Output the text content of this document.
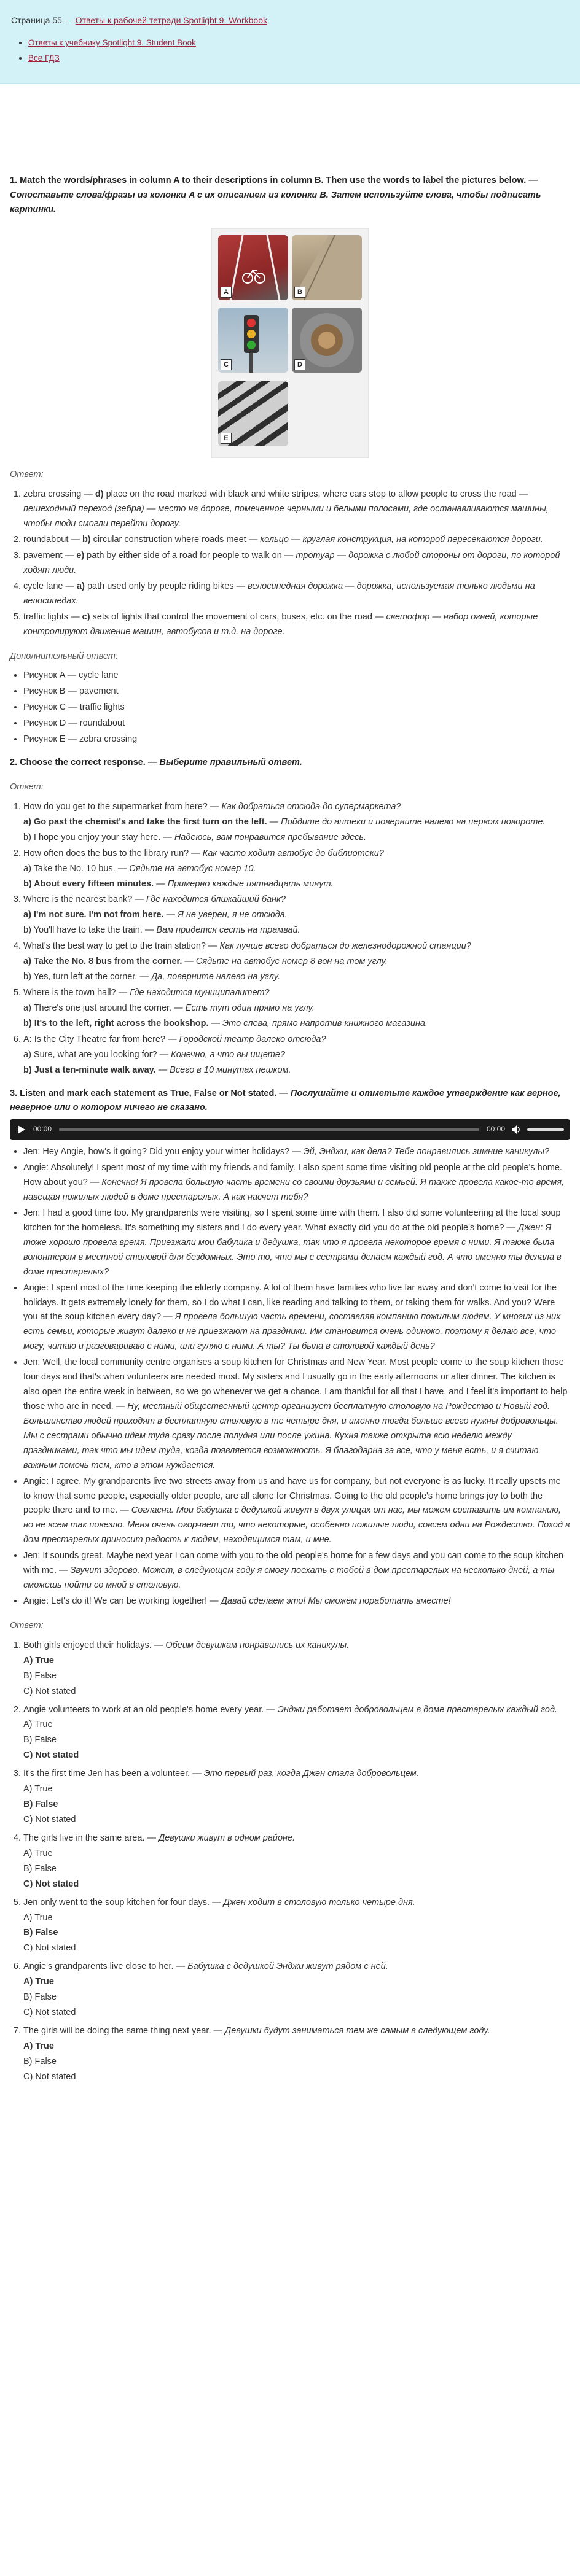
Страница 55 — Ответы к рабочей тетради Spotlight 9. Workbook
• Ответы к учебнику Spotlight 9. Student Book
• Все ГДЗ
1. Match the words/phrases in column A to their descriptions in column B. Then use the words to label the pictures below. — Сопоставьте слова/фразы из колонки A с их описанием из колонки B. Затем используйте слова, чтобы подписать картинки.
A	B
C	D
E
Ответ:
1. zebra crossing — d) place on the road marked with black and white stripes, where cars stop to allow people to cross the road — пешеходный переход (зебра) — место на дороге, помеченное черными и белыми полосами, где останавливаются машины, чтобы люди смогли перейти дорогу.
2. roundabout — b) circular construction where roads meet — кольцо — круглая конструкция, на которой пересекаются дороги.
3. pavement — e) path by either side of a road for people to walk on — тротуар — дорожка с любой стороны от дороги, по которой ходят люди.
4. cycle lane — a) path used only by people riding bikes — велосипедная дорожка — дорожка, используемая только людьми на велосипедах.
5. traffic lights — c) sets of lights that control the movement of cars, buses, etc. on the road — светофор — набор огней, которые контролируют движение машин, автобусов и т.д. на дороге.
Дополнительный ответ:
• Рисунок A — cycle lane
• Рисунок B — pavement
• Рисунок C — traffic lights
• Рисунок D — roundabout
• Рисунок E — zebra crossing
2. Choose the correct response. — Выберите правильный ответ.
Ответ:
1. How do you get to the supermarket from here? — Как добраться отсюда до супермаркета?
a) Go past the chemist's and take the first turn on the left. — Пойдите до аптеки и поверните налево на первом повороте.
b) I hope you enjoy your stay here. — Надеюсь, вам понравится пребывание здесь.
2. How often does the bus to the library run? — Как часто ходит автобус до библиотеки?
a) Take the No. 10 bus. — Сядьте на автобус номер 10.
b) About every fifteen minutes. — Примерно каждые пятнадцать минут.
3. Where is the nearest bank? — Где находится ближайший банк?
a) I'm not sure. I'm not from here. — Я не уверен, я не отсюда.
b) You'll have to take the train. — Вам придется сесть на трамвай.
4. What's the best way to get to the train station? — Как лучше всего добраться до железнодорожной станции?
a) Take the No. 8 bus from the corner. — Сядьте на автобус номер 8 вон на том углу.
b) Yes, turn left at the corner. — Да, поверните налево на углу.
5. Where is the town hall? — Где находится муниципалитет?
a) There's one just around the corner. — Есть тут один прямо на углу.
b) It's to the left, right across the bookshop. — Это слева, прямо напротив книжного магазина.
6. A: Is the City Theatre far from here? — Городской театр далеко отсюда?
a) Sure, what are you looking for? — Конечно, а что вы ищете?
b) Just a ten-minute walk away. — Всего в 10 минутах пешком.
3. Listen and mark each statement as True, False or Not stated. — Послушайте и отметьте каждое утверждение как верное, неверное или о котором ничего не сказано.
00:00	00:00
• Jen: Hey Angie, how's it going? Did you enjoy your winter holidays? — Эй, Энджи, как дела? Тебе понравились зимние каникулы?
• Angie: Absolutely! I spent most of my time with my friends and family. I also spent some time visiting old people at the old people's home. How about you? — Конечно! Я провела большую часть времени со своими друзьями и семьей. Я также провела какое-то время, навещая пожилых людей в доме престарелых. А как насчет тебя?
• Jen: I had a good time too. My grandparents were visiting, so I spent some time with them. I also did some volunteering at the local soup kitchen for the homeless. It's something my sisters and I do every year. What exactly did you do at the old people's home? — Джен: Я тоже хорошо провела время. Приезжали мои бабушка и дедушка, так что я провела некоторое время с ними. Я также была волонтером в местной столовой для бездомных. Это то, что мы с сестрами делаем каждый год. А что именно ты делала в доме престарелых?
• Angie: I spent most of the time keeping the elderly company. A lot of them have families who live far away and don't come to visit for the holidays. It gets extremely lonely for them, so I do what I can, like reading and talking to them, or taking them for walks. And you? Were you at the soup kitchen every day? — Я провела большую часть времени, составляя компанию пожилым людям. У многих из них есть семьи, которые живут далеко и не приезжают на праздники. Им становится очень одиноко, поэтому я делаю все, что могу, читаю и разговариваю с ними, или гуляю с ними. А ты? Ты была в столовой каждый день?
• Jen: Well, the local community centre organises a soup kitchen for Christmas and New Year. Most people come to the soup kitchen those four days and that's when volunteers are needed most. My sisters and I usually go in the early afternoons or after dinner. The kitchen is also open the entire week in between, so we go whenever we get a chance. I am thankful for all that I have, and I feel it's important to help those who are in need. — Ну, местный общественный центр организует бесплатную столовую на Рождество и Новый год. Большинство людей приходят в бесплатную столовую в те четыре дня, и именно тогда больше всего нужны добровольцы. Мы с сестрами обычно идем туда сразу после полудня или после ужина. Кухня также открыта всю неделю между праздниками, так что мы идем туда, когда появляется возможность. Я благодарна за все, что у меня есть, и я считаю важным помочь тем, кто в этом нуждается.
• Angie: I agree. My grandparents live two streets away from us and have us for company, but not everyone is as lucky. It really upsets me to know that some people, especially older people, are all alone for Christmas. Going to the old people's home brings joy to both the people there and to me. — Согласна. Мои бабушка с дедушкой живут в двух улицах от нас, мы можем составить им компанию, но не всем так повезло. Меня очень огорчает то, что некоторые, особенно пожилые люди, совсем одни на Рождество. Поход в дом престарелых приносит радость к людям, находящимся там, и мне.
• Jen: It sounds great. Maybe next year I can come with you to the old people's home for a few days and you can come to the soup kitchen with me. — Звучит здорово. Может, в следующем году я смогу поехать с тобой в дом престарелых на несколько дней, а ты сможешь пойти со мной в столовую.
• Angie: Let's do it! We can be working together! — Давай сделаем это! Мы сможем поработать вместе!
Ответ:
1. Both girls enjoyed their holidays. — Обеим девушкам понравились их каникулы.
A) True
B) False
C) Not stated
2. Angie volunteers to work at an old people's home every year. — Энджи работает добровольцем в доме престарелых каждый год.
A) True
B) False
C) Not stated
3. It's the first time Jen has been a volunteer. — Это первый раз, когда Джен стала добровольцем.
A) True
B) False
C) Not stated
4. The girls live in the same area. — Девушки живут в одном районе.
A) True
B) False
C) Not stated
5. Jen only went to the soup kitchen for four days. — Джен ходит в столовую только четыре дня.
A) True
B) False
C) Not stated
6. Angie's grandparents live close to her. — Бабушка с дедушкой Энджи живут рядом с ней.
A) True
B) False
C) Not stated
7. The girls will be doing the same thing next year. — Девушки будут заниматься тем же самым в следующем году.
A) True
B) False
C) Not stated
